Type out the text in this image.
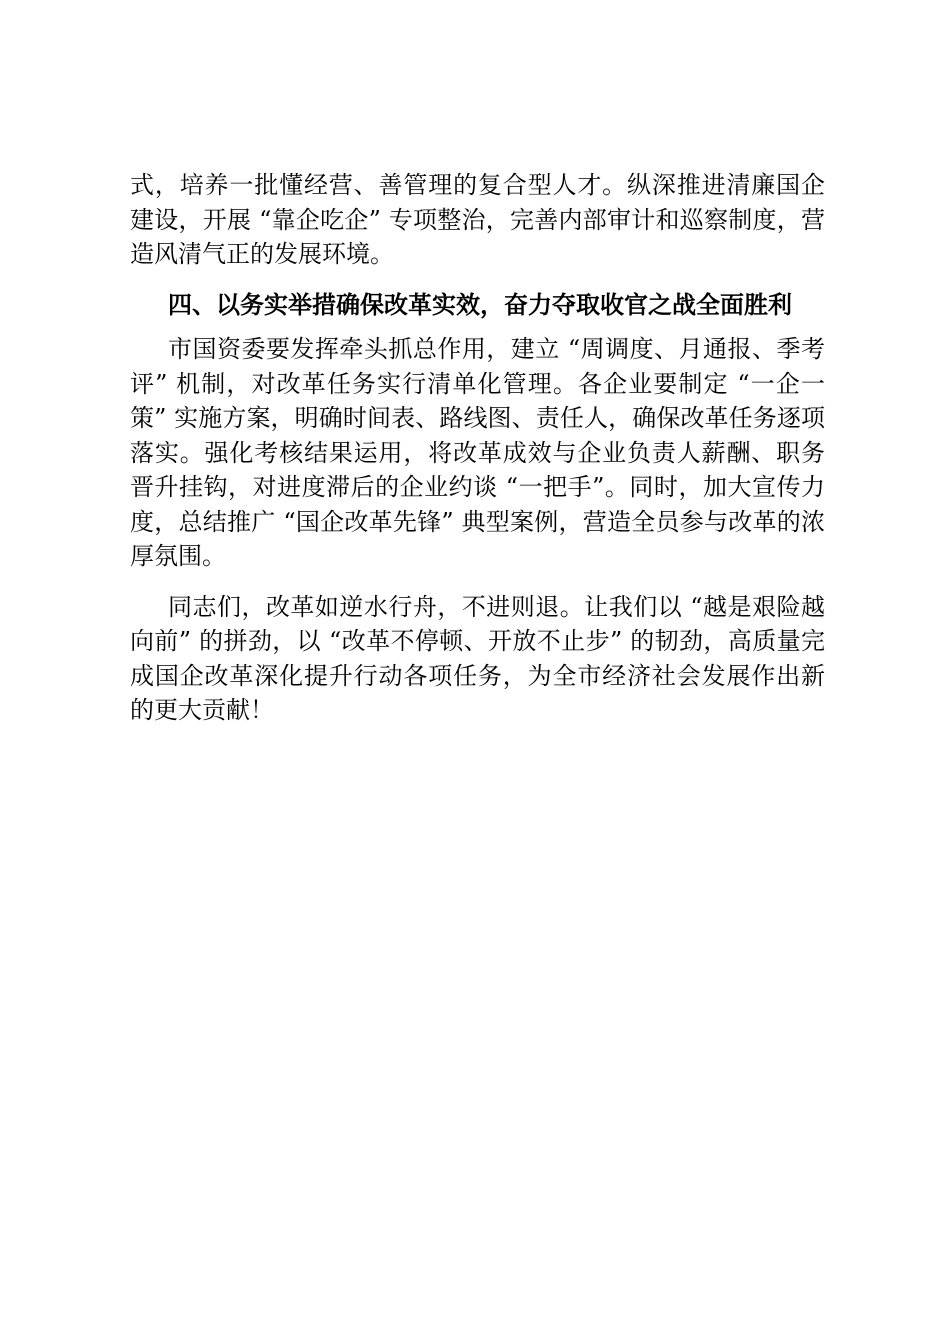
式，培养一批懂经营、善管理的复合型人才。纵深推进清廉国企建设，开展 “靠企吃企” 专项整治，完善内部审计和巡察制度，营造风清气正的发展环境。

四、以务实举措确保改革实效，奋力夺取收官之战全面胜利

市国资委要发挥牵头抓总作用，建立 “周调度、月通报、季考评” 机制，对改革任务实行清单化管理。各企业要制定 “一企一策” 实施方案，明确时间表、路线图、责任人，确保改革任务逐项落实。强化考核结果运用，将改革成效与企业负责人薪酬、职务晋升挂钩，对进度滞后的企业约谈 “一把手”。同时，加大宣传力度，总结推广 “国企改革先锋” 典型案例，营造全员参与改革的浓厚氛围。

同志们，改革如逆水行舟，不进则退。让我们以 “越是艰险越向前” 的拼劲，以 “改革不停顿、开放不止步” 的韧劲，高质量完成国企改革深化提升行动各项任务，为全市经济社会发展作出新的更大贡献！
